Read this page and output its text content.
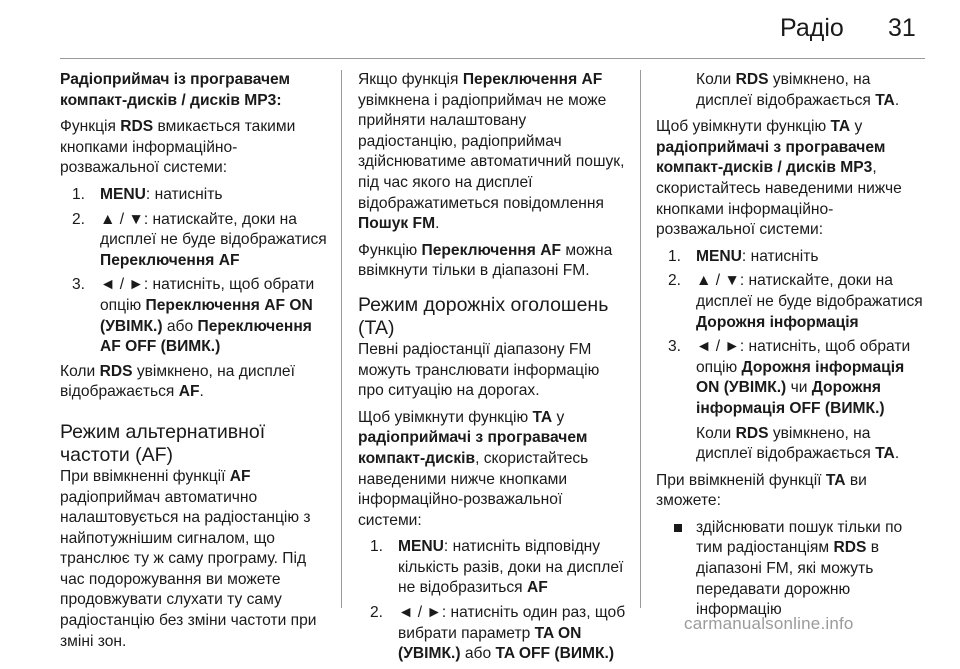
Радіо 31

Радіоприймач із програвачем компакт-дисків / дисків MP3:

Функція RDS вмикається такими кнопками інформаційно-розважальної системи:

1. MENU: натисніть
2. ▲ / ▼: натискайте, доки на дисплеї не буде відображатися Переключення AF
3. ◄ / ►: натисніть, щоб обрати опцію Переключення AF ON (УВІМК.) або Переключення AF OFF (ВИМК.)

Коли RDS увімкнено, на дисплеї відображається AF.

Режим альтернативної частоти (AF)

При ввімкненні функції AF радіоприймач автоматично налаштовується на радіостанцію з найпотужнішим сигналом, що транслює ту ж саму програму. Під час подорожування ви можете продовжувати слухати ту саму радіостанцію без зміни частоти при зміні зон.

Якщо функція Переключення AF увімкнена і радіоприймач не може прийняти налаштовану радіостанцію, радіоприймач здійснюватиме автоматичний пошук, під час якого на дисплеї відображатиметься повідомлення Пошук FM.

Функцію Переключення AF можна ввімкнути тільки в діапазоні FM.

Режим дорожніх оголошень (TA)

Певні радіостанції діапазону FM можуть транслювати інформацію про ситуацію на дорогах.

Щоб увімкнути функцію TA у радіоприймачі з програвачем компакт-дисків, скористайтесь наведеними нижче кнопками інформаційно-розважальної системи:

1. MENU: натисніть відповідну кількість разів, доки на дисплеї не відобразиться AF
2. ◄ / ►: натисніть один раз, щоб вибрати параметр TA ON (УВІМК.) або TA OFF (ВИМК.)

Коли RDS увімкнено, на дисплеї відображається TA.

Щоб увімкнути функцію TA у радіоприймачі з програвачем компакт-дисків / дисків MP3, скористайтесь наведеними нижче кнопками інформаційно-розважальної системи:

1. MENU: натисніть
2. ▲ / ▼: натискайте, доки на дисплеї не буде відображатися Дорожня інформація
3. ◄ / ►: натисніть, щоб обрати опцію Дорожня інформація ON (УВІМК.) чи Дорожня інформація OFF (ВИМК.)

Коли RDS увімкнено, на дисплеї відображається TA.

При ввімкненій функції TA ви зможете:

здійснювати пошук тільки по тим радіостанціям RDS в діапазоні FM, які можуть передавати дорожню інформацію
carmanualsonline.info
